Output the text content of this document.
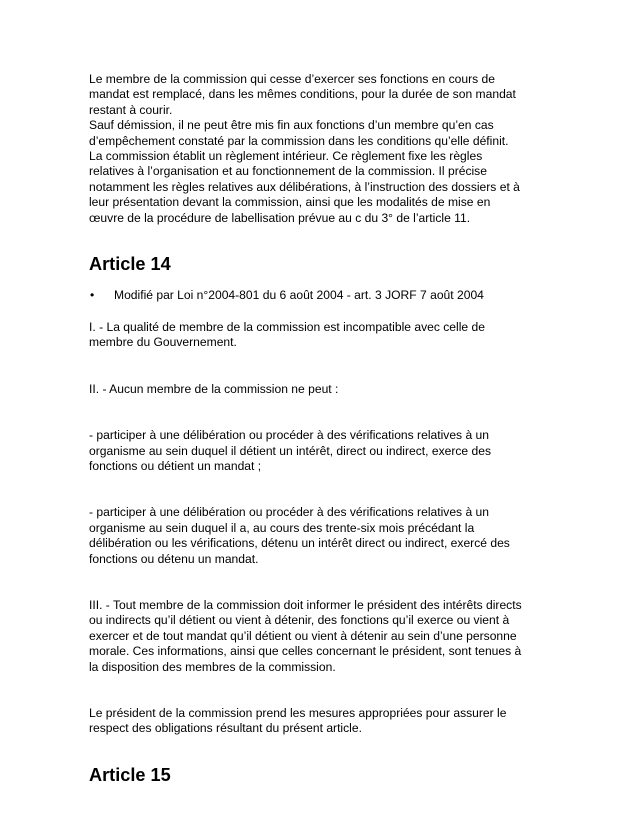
Le membre de la commission qui cesse d’exercer ses fonctions en cours de
mandat est remplacé, dans les mêmes conditions, pour la durée de son mandat
restant à courir.
Sauf démission, il ne peut être mis fin aux fonctions d’un membre qu’en cas
d’empêchement constaté par la commission dans les conditions qu’elle définit.
La commission établit un règlement intérieur. Ce règlement fixe les règles
relatives à l’organisation et au fonctionnement de la commission. Il précise
notamment les règles relatives aux délibérations, à l’instruction des dossiers et à
leur présentation devant la commission, ainsi que les modalités de mise en
œuvre de la procédure de labellisation prévue au c du 3° de l’article 11.
Article 14
•	Modifié par Loi n°2004-801 du 6 août 2004 - art. 3 JORF 7 août 2004
I. - La qualité de membre de la commission est incompatible avec celle de
membre du Gouvernement.
II. - Aucun membre de la commission ne peut :
- participer à une délibération ou procéder à des vérifications relatives à un
organisme au sein duquel il détient un intérêt, direct ou indirect, exerce des
fonctions ou détient un mandat ;
- participer à une délibération ou procéder à des vérifications relatives à un
organisme au sein duquel il a, au cours des trente-six mois précédant la
délibération ou les vérifications, détenu un intérêt direct ou indirect, exercé des
fonctions ou détenu un mandat.
III. - Tout membre de la commission doit informer le président des intérêts directs
ou indirects qu’il détient ou vient à détenir, des fonctions qu’il exerce ou vient à
exercer et de tout mandat qu’il détient ou vient à détenir au sein d’une personne
morale. Ces informations, ainsi que celles concernant le président, sont tenues à
la disposition des membres de la commission.
Le président de la commission prend les mesures appropriées pour assurer le
respect des obligations résultant du présent article.
Article 15
